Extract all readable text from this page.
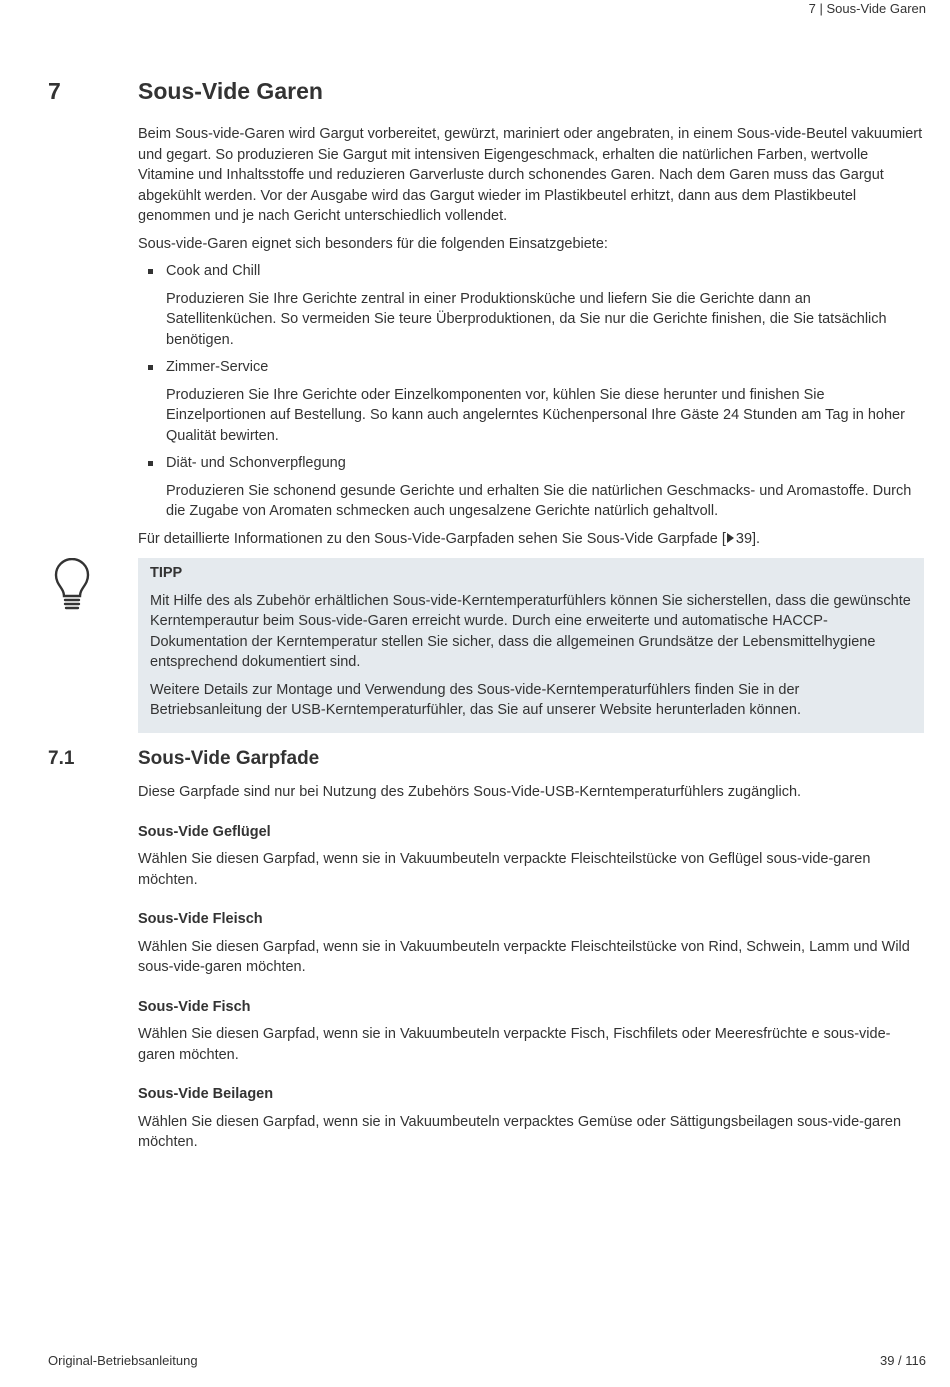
7 | Sous-Vide Garen
7	Sous-Vide Garen

Beim Sous-vide-Garen wird Gargut vorbereitet, gewürzt, mariniert oder angebraten, in einem Sous-vide-Beutel vakuumiert und gegart. So produzieren Sie Gargut mit intensiven Eigengeschmack, erhalten die natürlichen Farben, wertvolle Vitamine und Inhaltsstoffe und reduzieren Garverluste durch schonendes Garen. Nach dem Garen muss das Gargut abgekühlt werden. Vor der Ausgabe wird das Gargut wieder im Plastikbeutel erhitzt, dann aus dem Plastikbeutel genommen und je nach Gericht unterschiedlich vollendet.

Sous-vide-Garen eignet sich besonders für die folgenden Einsatzgebiete:

Cook and Chill

Produzieren Sie Ihre Gerichte zentral in einer Produktionsküche und liefern Sie die Gerichte dann an Satellitenküchen. So vermeiden Sie teure Überproduktionen, da Sie nur die Gerichte finishen, die Sie tatsächlich benötigen.

Zimmer-Service

Produzieren Sie Ihre Gerichte oder Einzelkomponenten vor, kühlen Sie diese herunter und finishen Sie Einzelportionen auf Bestellung. So kann auch angelerntes Küchenpersonal Ihre Gäste 24 Stunden am Tag in hoher Qualität bewirten.

Diät- und Schonverpflegung

Produzieren Sie schonend gesunde Gerichte und erhalten Sie die natürlichen Geschmacks- und Aromastoffe. Durch die Zugabe von Aromaten schmecken auch ungesalzene Gerichte natürlich gehaltvoll.

Für detaillierte Informationen zu den Sous-Vide-Garpfaden sehen Sie Sous-Vide Garpfade [ 39].

TIPP

Mit Hilfe des als Zubehör erhältlichen Sous-vide-Kerntemperaturfühlers können Sie sicherstellen, dass die gewünschte Kerntemperautur beim Sous-vide-Garen erreicht wurde. Durch eine erweiterte und automatische HACCP-Dokumentation der Kerntemperatur stellen Sie sicher, dass die allgemeinen Grundsätze der Lebensmittelhygiene entsprechend dokumentiert sind.

Weitere Details zur Montage und Verwendung des Sous-vide-Kerntemperaturfühlers finden Sie in der Betriebsanleitung der USB-Kerntemperaturfühler, das Sie auf unserer Website herunterladen können.

7.1	Sous-Vide Garpfade

Diese Garpfade sind nur bei Nutzung des Zubehörs Sous-Vide-USB-Kerntemperaturfühlers zugänglich.

Sous-Vide Geflügel

Wählen Sie diesen Garpfad, wenn sie in Vakuumbeuteln verpackte Fleischteilstücke von Geflügel sous-vide-garen möchten.

Sous-Vide Fleisch

Wählen Sie diesen Garpfad, wenn sie in Vakuumbeuteln verpackte Fleischteilstücke von Rind, Schwein, Lamm und Wild sous-vide-garen möchten.

Sous-Vide Fisch

Wählen Sie diesen Garpfad, wenn sie in Vakuumbeuteln verpackte Fisch, Fischfilets oder Meeresfrüchte e sous-vide-garen möchten.

Sous-Vide Beilagen

Wählen Sie diesen Garpfad, wenn sie in Vakuumbeuteln verpacktes Gemüse oder Sättigungsbeilagen sous-vide-garen möchten.

Original-Betriebsanleitung	39 / 116
